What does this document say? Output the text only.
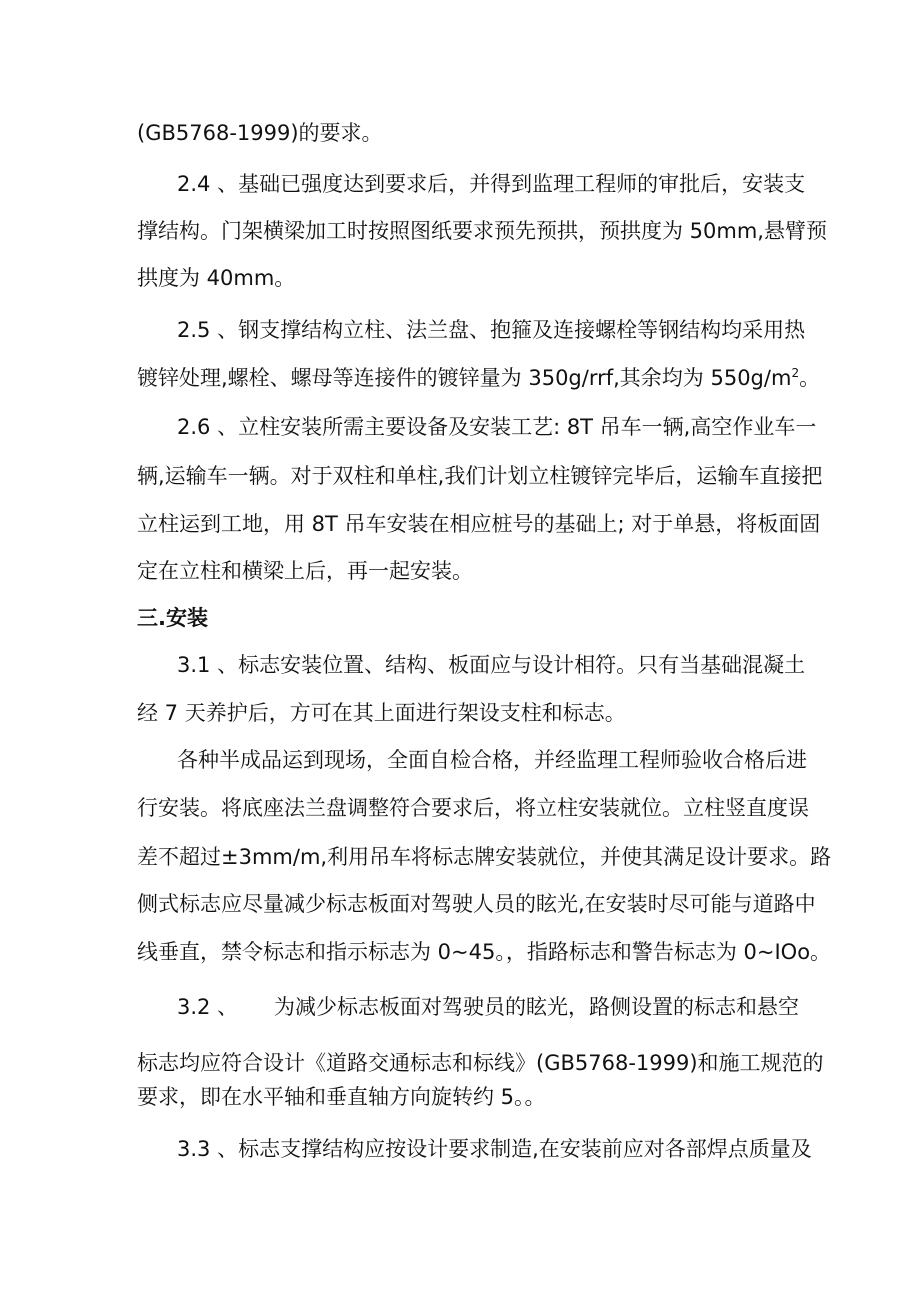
(GB5768-1999)的要求。
2.4 、基础已强度达到要求后，并得到监理工程师的审批后，安装支
撑结构。门架横梁加工时按照图纸要求预先预拱，预拱度为 50mm,悬臂预
拱度为 40mm。
2.5 、钢支撑结构立柱、法兰盘、抱箍及连接螺栓等钢结构均采用热
镀锌处理,螺栓、螺母等连接件的镀锌量为 350g∕rrf,其余均为 $550g∕m^2$。
2.6 、立柱安装所需主要设备及安装工艺: 8T 吊车一辆,高空作业车一
辆,运输车一辆。对于双柱和单柱,我们计划立柱镀锌完毕后，运输车直接把
立柱运到工地，用 8T 吊车安装在相应桩号的基础上; 对于单悬，将板面固
定在立柱和横梁上后，再一起安装。
三.安装
3.1 、标志安装位置、结构、板面应与设计相符。只有当基础混凝土
经 7 天养护后，方可在其上面进行架设支柱和标志。
各种半成品运到现场，全面自检合格，并经监理工程师验收合格后进
行安装。将底座法兰盘调整符合要求后，将立柱安装就位。立柱竖直度误
差不超过±3mm∕m,利用吊车将标志牌安装就位，并使其满足设计要求。路
侧式标志应尽量减少标志板面对驾驶人员的眩光,在安装时尽可能与道路中
线垂直，禁令标志和指示标志为 0~45。，指路标志和警告标志为 0~IOo。
3.2 、 为减少标志板面对驾驶员的眩光，路侧设置的标志和悬空
标志均应符合设计《道路交通标志和标线》(GB5768-1999)和施工规范的
要求，即在水平轴和垂直轴方向旋转约 5。。
3.3 、标志支撑结构应按设计要求制造,在安装前应对各部焊点质量及
